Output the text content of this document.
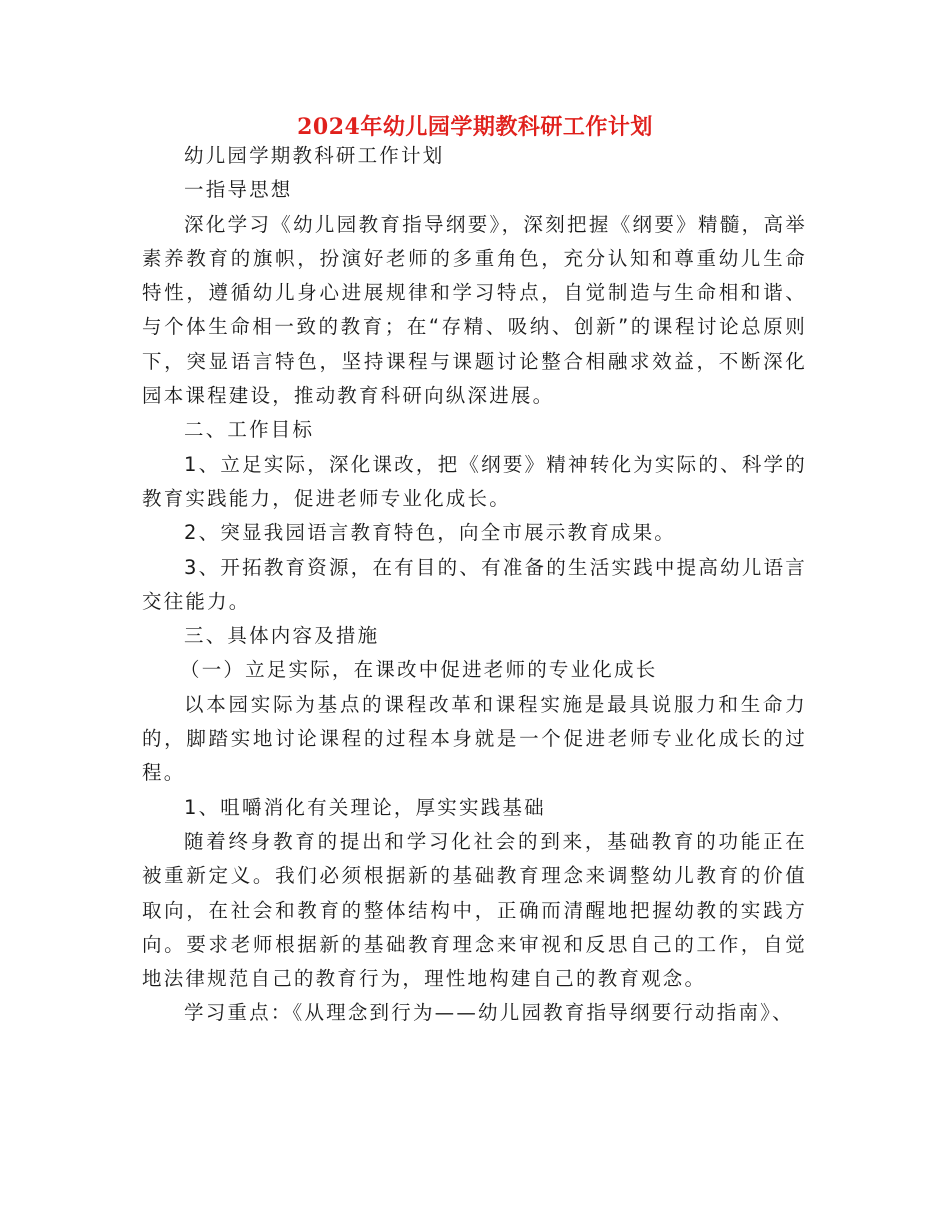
2024年幼儿园学期教科研工作计划

幼儿园学期教科研工作计划

一指导思想

深化学习《幼儿园教育指导纲要》，深刻把握《纲要》精髓，高举素养教育的旗帜，扮演好老师的多重角色，充分认知和尊重幼儿生命特性，遵循幼儿身心进展规律和学习特点，自觉制造与生命相和谐、与个体生命相一致的教育；在“存精、吸纳、创新”的课程讨论总原则下，突显语言特色，坚持课程与课题讨论整合相融求效益，不断深化园本课程建设，推动教育科研向纵深进展。

二、工作目标

1、立足实际，深化课改，把《纲要》精神转化为实际的、科学的教育实践能力，促进老师专业化成长。

2、突显我园语言教育特色，向全市展示教育成果。

3、开拓教育资源，在有目的、有准备的生活实践中提高幼儿语言交往能力。

三、具体内容及措施

（一）立足实际，在课改中促进老师的专业化成长

以本园实际为基点的课程改革和课程实施是最具说服力和生命力的，脚踏实地讨论课程的过程本身就是一个促进老师专业化成长的过程。

1、咀嚼消化有关理论，厚实实践基础

随着终身教育的提出和学习化社会的到来，基础教育的功能正在被重新定义。我们必须根据新的基础教育理念来调整幼儿教育的价值取向，在社会和教育的整体结构中，正确而清醒地把握幼教的实践方向。要求老师根据新的基础教育理念来审视和反思自己的工作，自觉地法律规范自己的教育行为，理性地构建自己的教育观念。

学习重点：《从理念到行为——幼儿园教育指导纲要行动指南》、
